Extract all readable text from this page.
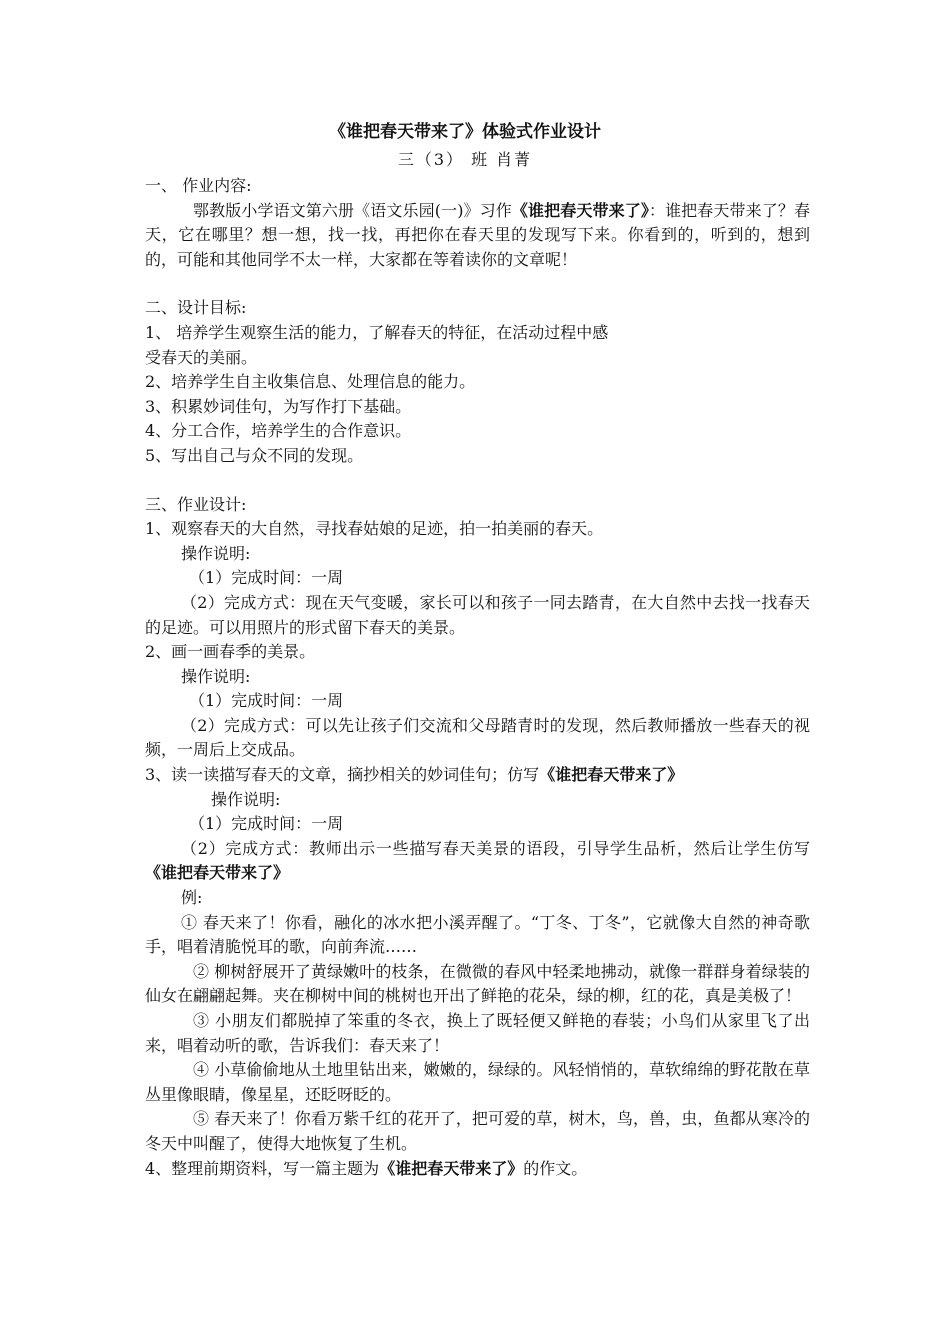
《谁把春天带来了》体验式作业设计
三（3） 班 肖菁

一、 作业内容:

鄂教版小学语文第六册《语文乐园(一)》习作《谁把春天带来了》：谁把春天带来了？春天，它在哪里？想一想，找一找，再把你在春天里的发现写下来。你看到的，听到的，想到的，可能和其他同学不太一样，大家都在等着读你的文章呢！

二、设计目标:

1、 培养学生观察生活的能力，了解春天的特征，在活动过程中感

受春天的美丽。

2、培养学生自主收集信息、处理信息的能力。

3、积累妙词佳句，为写作打下基础。

4、分工合作，培养学生的合作意识。

5、写出自己与众不同的发现。

三、作业设计:

1、观察春天的大自然，寻找春姑娘的足迹，拍一拍美丽的春天。

操作说明:

（1）完成时间：一周

（2）完成方式：现在天气变暖，家长可以和孩子一同去踏青，在大自然中去找一找春天的足迹。可以用照片的形式留下春天的美景。

2、画一画春季的美景。

操作说明:

（1）完成时间：一周

（2）完成方式：可以先让孩子们交流和父母踏青时的发现，然后教师播放一些春天的视频，一周后上交成品。

3、读一读描写春天的文章，摘抄相关的妙词佳句；仿写《谁把春天带来了》

操作说明:

（1）完成时间：一周

（2）完成方式：教师出示一些描写春天美景的语段，引导学生品析，然后让学生仿写《谁把春天带来了》

例:

① 春天来了！你看，融化的冰水把小溪弄醒了。“丁冬、丁冬”，它就像大自然的神奇歌手，唱着清脆悦耳的歌，向前奔流……

② 柳树舒展开了黄绿嫩叶的枝条，在微微的春风中轻柔地拂动，就像一群群身着绿装的仙女在翩翩起舞。夹在柳树中间的桃树也开出了鲜艳的花朵，绿的柳，红的花，真是美极了！

③ 小朋友们都脱掉了笨重的冬衣，换上了既轻便又鲜艳的春装；小鸟们从家里飞了出来，唱着动听的歌，告诉我们：春天来了！

④ 小草偷偷地从土地里钻出来，嫩嫩的，绿绿的。风轻悄悄的，草软绵绵的野花散在草丛里像眼睛，像星星，还眨呀眨的。

⑤ 春天来了！你看万紫千红的花开了，把可爱的草，树木，鸟，兽，虫，鱼都从寒冷的冬天中叫醒了，使得大地恢复了生机。

4、整理前期资料，写一篇主题为《谁把春天带来了》的作文。
